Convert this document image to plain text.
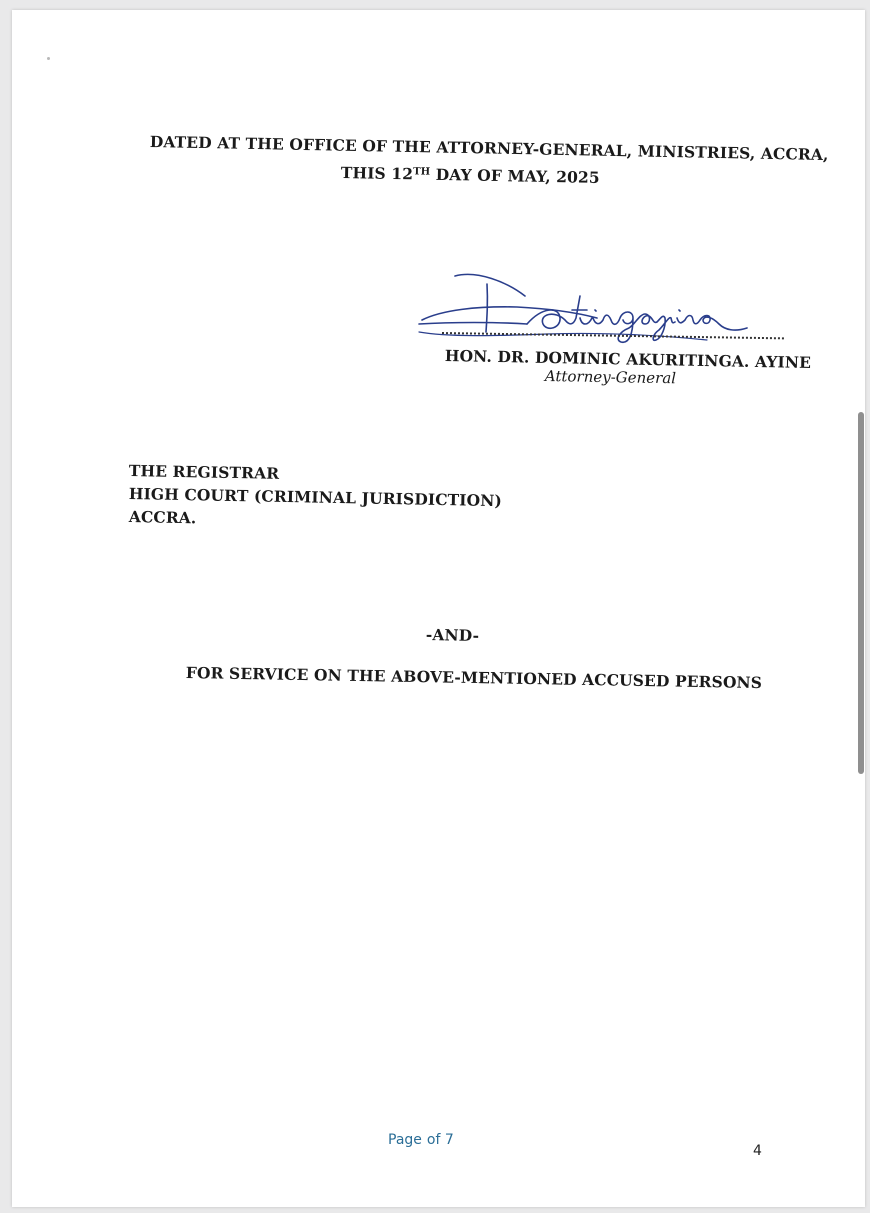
DATED AT THE OFFICE OF THE ATTORNEY-GENERAL, MINISTRIES, ACCRA,
THIS 12TH DAY OF MAY, 2025
HON. DR. DOMINIC AKURITINGA. AYINE
Attorney-General
THE REGISTRAR
HIGH COURT (CRIMINAL JURISDICTION)
ACCRA.
-AND-
FOR SERVICE ON THE ABOVE-MENTIONED ACCUSED PERSONS
Page of 7
4
